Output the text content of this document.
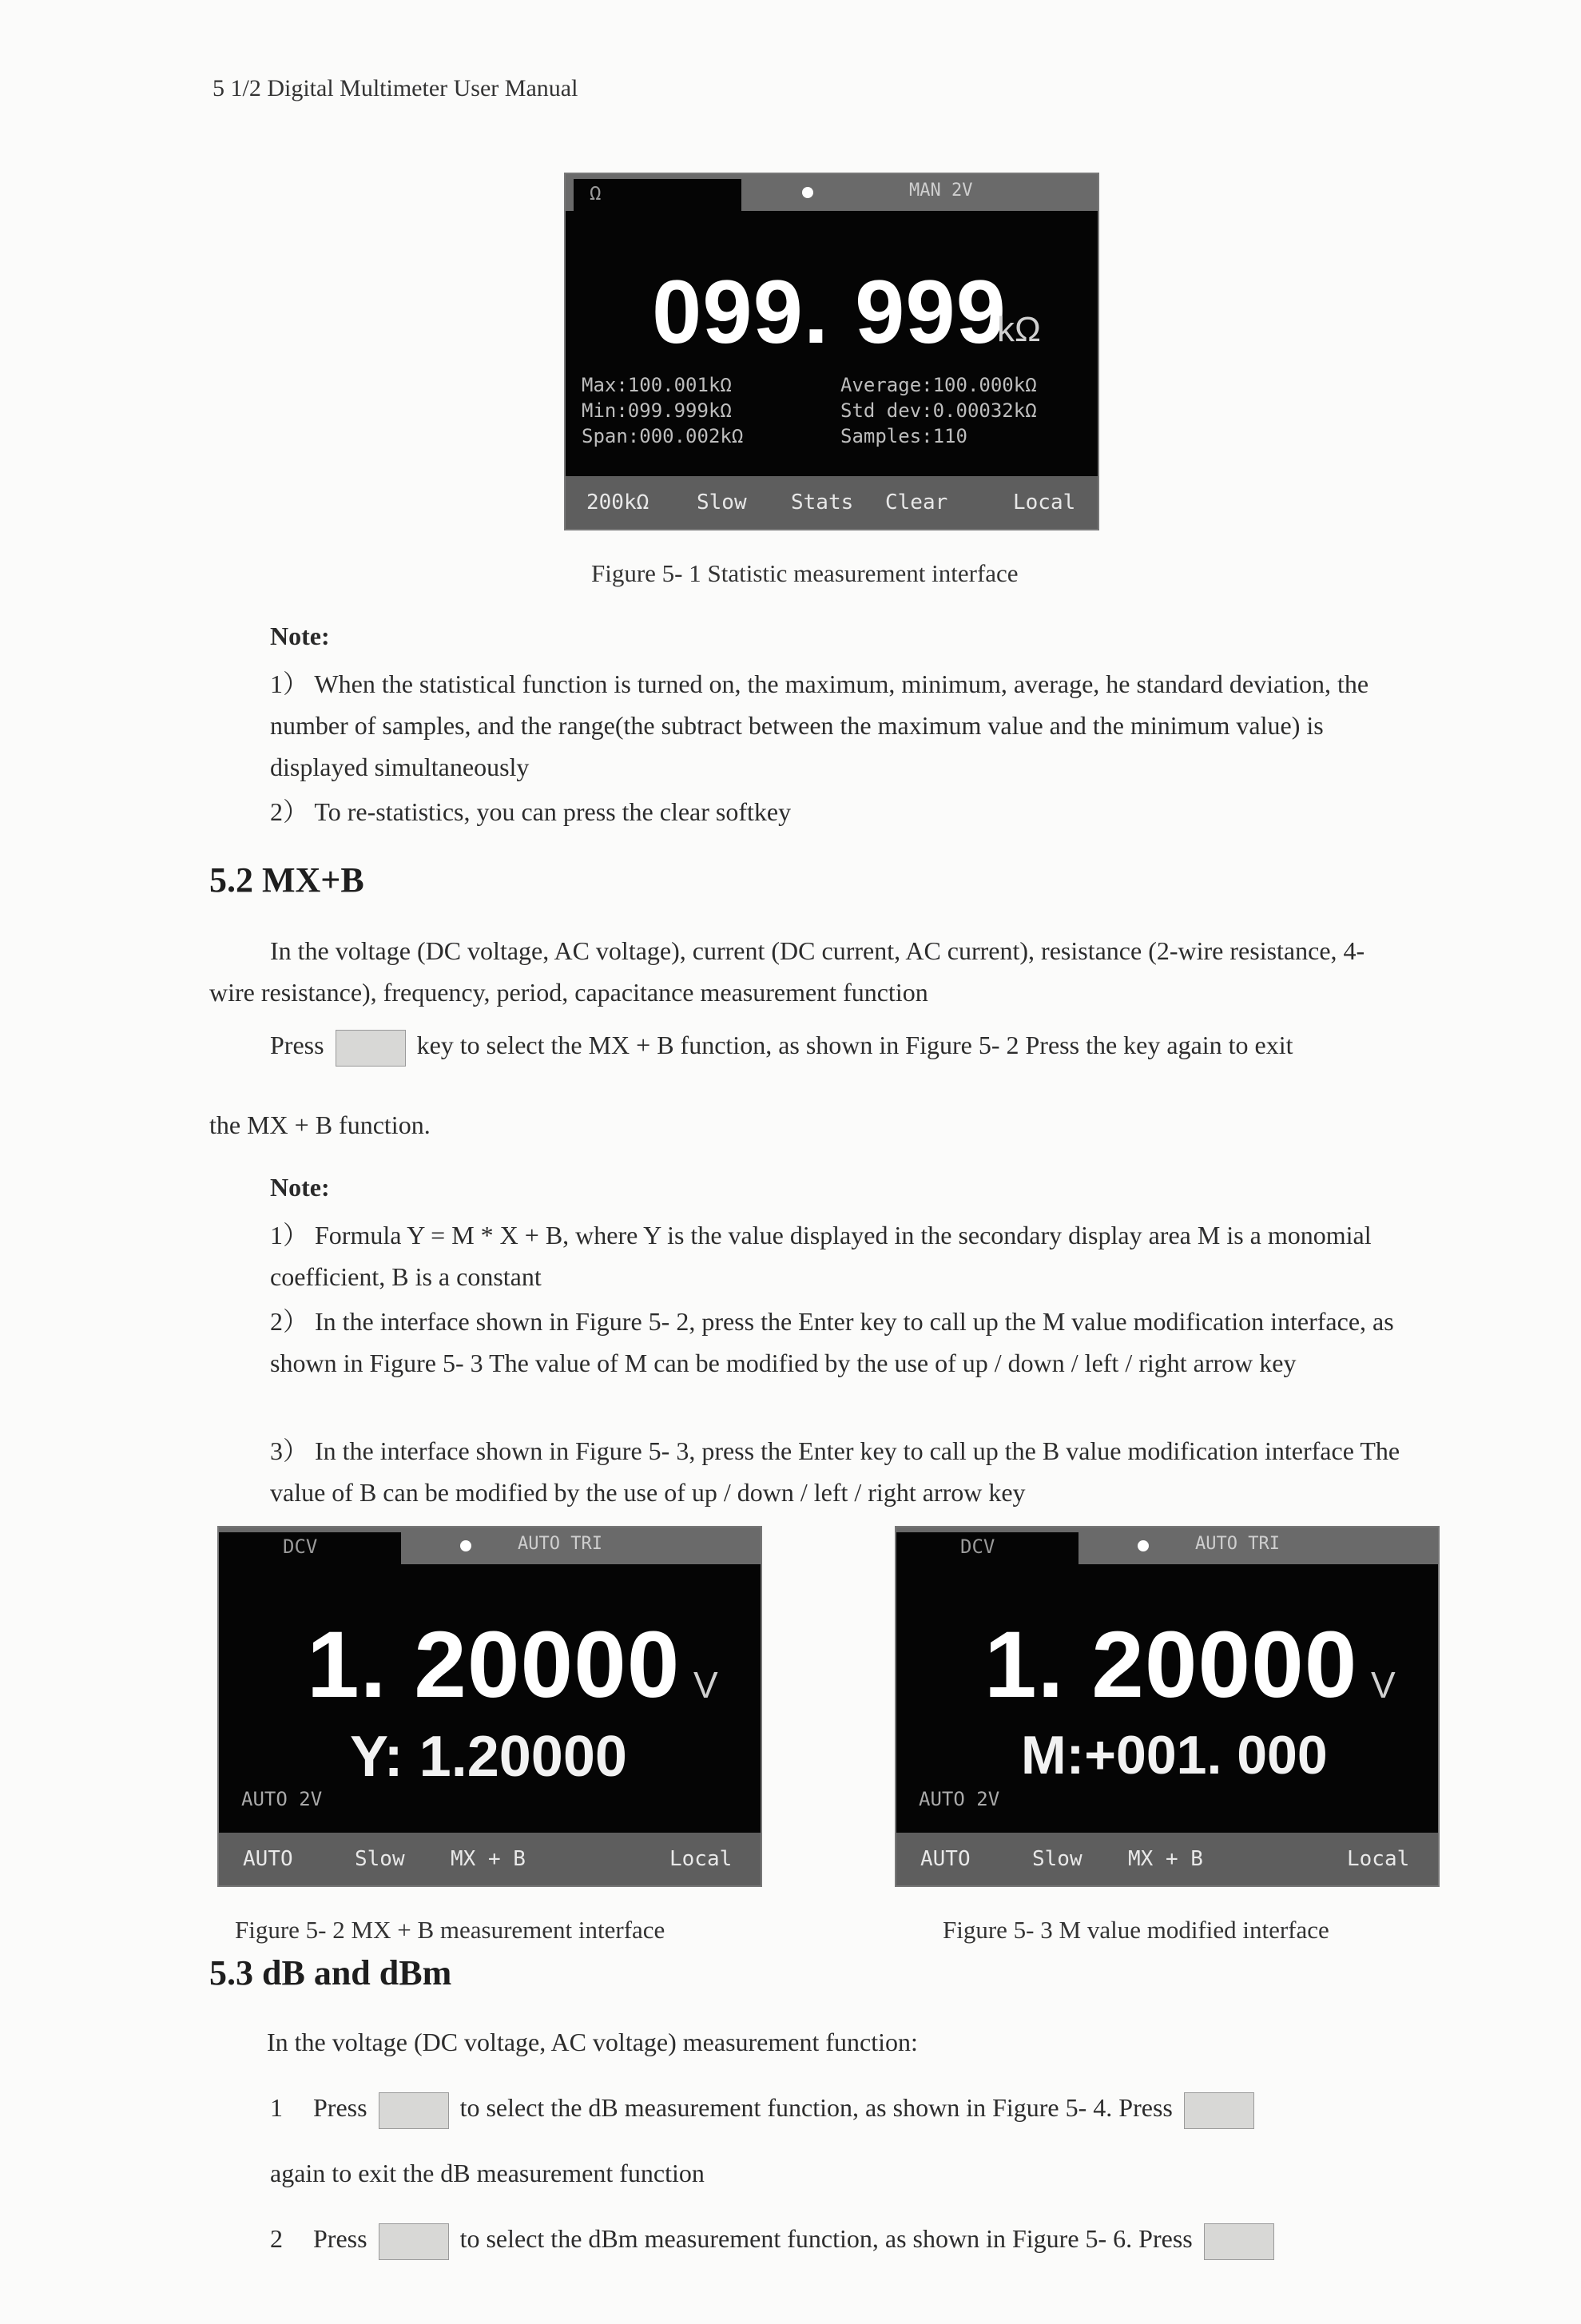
5 1/2 Digital Multimeter User Manual
Ω	MAN 2V
099. 999
kΩ
Max:100.001kΩ
Min:099.999kΩ
Span:000.002kΩ
Average:100.000kΩ
Std dev:0.00032kΩ
Samples:110
200kΩ Slow Stats Clear	Local
Figure 5- 1 Statistic measurement interface
Note:
1） When the statistical function is turned on, the maximum, minimum, average, he standard deviation, the number of samples, and the range(the subtract between the maximum value and the minimum value) is displayed simultaneously
2） To re-statistics, you can press the clear softkey
5.2 MX+B
In the voltage (DC voltage, AC voltage), current (DC current, AC current), resistance (2-wire resistance, 4-wire resistance), frequency, period, capacitance measurement function
Press	key to select the MX + B function, as shown in Figure 5- 2 Press the key again to exit
the MX + B function.
Note:
1） Formula Y = M * X + B, where Y is the value displayed in the secondary display area M is a monomial coefficient, B is a constant
2） In the interface shown in Figure 5- 2, press the Enter key to call up the M value modification interface, as shown in Figure 5- 3 The value of M can be modified by the use of up / down / left / right arrow key
3） In the interface shown in Figure 5- 3, press the Enter key to call up the B value modification interface The value of B can be modified by the use of up / down / left / right arrow key
DCV	AUTO TRI
1. 20000 V
Y: 1.20000
AUTO 2V
AUTO	Slow MX + B	Local
Figure 5- 2 MX + B measurement interface
DCV	AUTO TRI
1. 20000 V
M:+001. 000
AUTO 2V
AUTO	Slow MX + B	Local
Figure 5- 3 M value modified interface
5.3 dB and dBm
In the voltage (DC voltage, AC voltage) measurement function:
1 Press	to select the dB measurement function, as shown in Figure 5- 4. Press
again to exit the dB measurement function
2 Press	to select the dBm measurement function, as shown in Figure 5- 6. Press
